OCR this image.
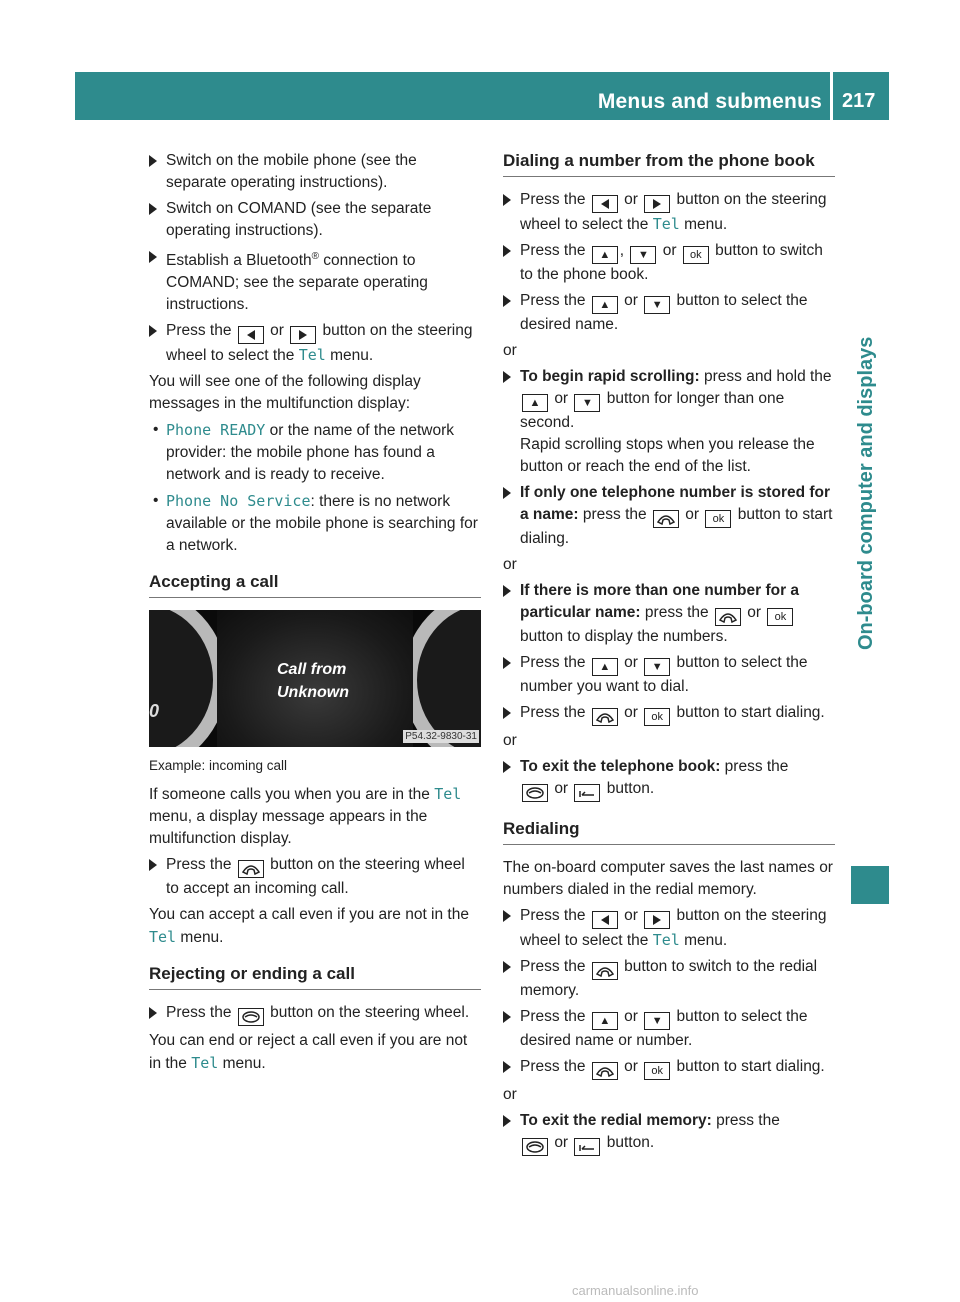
Menus and submenus 217
On-board computer and displays
Switch on the mobile phone (see the separate operating instructions).
Switch on COMAND (see the separate operating instructions).
Establish a Bluetooth® connection to COMAND; see the separate operating instructions.
Press the or button on the steering wheel to select the Tel menu.

You will see one of the following display messages in the multifunction display:

• Phone READY or the name of the network provider: the mobile phone has found a network and is ready to receive.
• Phone No Service: there is no network available or the mobile phone is searching for a network.
Accepting a call
0
Call from
Unknown
P54.32-9830-31

Example: incoming call

If someone calls you when you are in the Tel menu, a display message appears in the multifunction display.

Press the button on the steering wheel to accept an incoming call.

You can accept a call even if you are not in the Tel menu.

Rejecting or ending a call
Press the button on the steering wheel.

You can end or reject a call even if you are not in the Tel menu.

Dialing a number from the phone book
Press the or button on the steering wheel to select the Tel menu.
Press the ▲ , ▼ or ok button to switch to the phone book.
Press the ▲ or ▼ button to select the desired name.
or
To begin rapid scrolling: press and hold the ▲ or ▼ button for longer than one second.
Rapid scrolling stops when you release the button or reach the end of the list.
If only one telephone number is stored for a name: press the or ok button to start dialing.
or
If there is more than one number for a particular name: press the or ok button to display the numbers.
Press the ▲ or ▼ button to select the number you want to dial.
Press the or ok button to start dialing.
or
To exit the telephone book: press the
or button.
Redialing

The on-board computer saves the last names or numbers dialed in the redial memory.

Press the or button on the steering wheel to select the Tel menu.
Press the button to switch to the redial memory.
Press the ▲ or ▼ button to select the desired name or number.
Press the or ok button to start dialing.
or
To exit the redial memory: press the
or button.
carmanualsonline.info
